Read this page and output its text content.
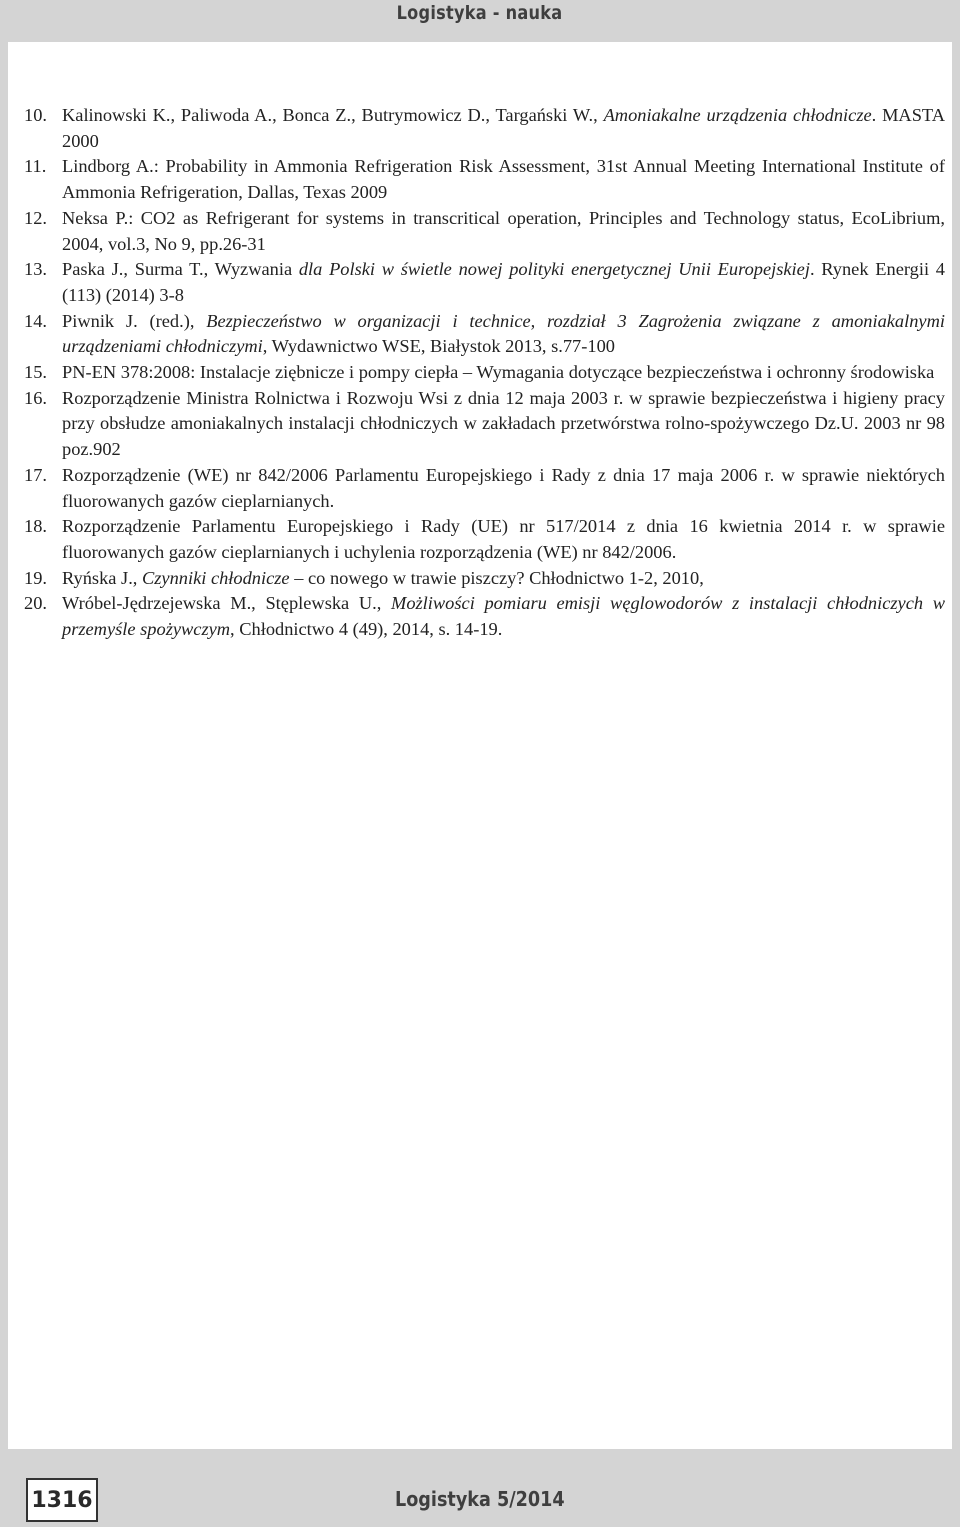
Logistyka - nauka
10. Kalinowski K., Paliwoda A., Bonca Z., Butrymowicz D., Targański W., Amoniakalne urządzenia chłodnicze. MASTA 2000
11. Lindborg A.: Probability in Ammonia Refrigeration Risk Assessment, 31st Annual Meeting International Institute of Ammonia Refrigeration, Dallas, Texas 2009
12. Neksa P.: CO2 as Refrigerant for systems in transcritical operation, Principles and Technology status, EcoLibrium, 2004, vol.3, No 9, pp.26-31
13. Paska J., Surma T., Wyzwania dla Polski w świetle nowej polityki energetycznej Unii Europejskiej. Rynek Energii 4 (113) (2014) 3-8
14. Piwnik J. (red.), Bezpieczeństwo w organizacji i technice, rozdział 3 Zagrożenia związane z amoniakalnymi urządzeniami chłodniczymi, Wydawnictwo WSE, Białystok 2013, s.77-100
15. PN-EN 378:2008: Instalacje ziębnicze i pompy ciepła – Wymagania dotyczące bezpieczeństwa i ochronny środowiska
16. Rozporządzenie Ministra Rolnictwa i Rozwoju Wsi z dnia 12 maja 2003 r. w sprawie bezpieczeństwa i higieny pracy przy obsłudze amoniakalnych instalacji chłodniczych w zakładach przetwórstwa rolno-spożywczego Dz.U. 2003 nr 98 poz.902
17. Rozporządzenie (WE) nr 842/2006 Parlamentu Europejskiego i Rady z dnia 17 maja 2006 r. w sprawie niektórych fluorowanych gazów cieplarnianych.
18. Rozporządzenie Parlamentu Europejskiego i Rady (UE) nr 517/2014 z dnia 16 kwietnia 2014 r. w sprawie fluorowanych gazów cieplarnianych i uchylenia rozporządzenia (WE) nr 842/2006.
19. Ryńska J., Czynniki chłodnicze – co nowego w trawie piszczy? Chłodnictwo 1-2, 2010,
20. Wróbel-Jędrzejewska M., Stęplewska U., Możliwości pomiaru emisji węglowodorów z instalacji chłodniczych w przemyśle spożywczym, Chłodnictwo 4 (49), 2014, s. 14-19.
1316	Logistyka 5/2014
